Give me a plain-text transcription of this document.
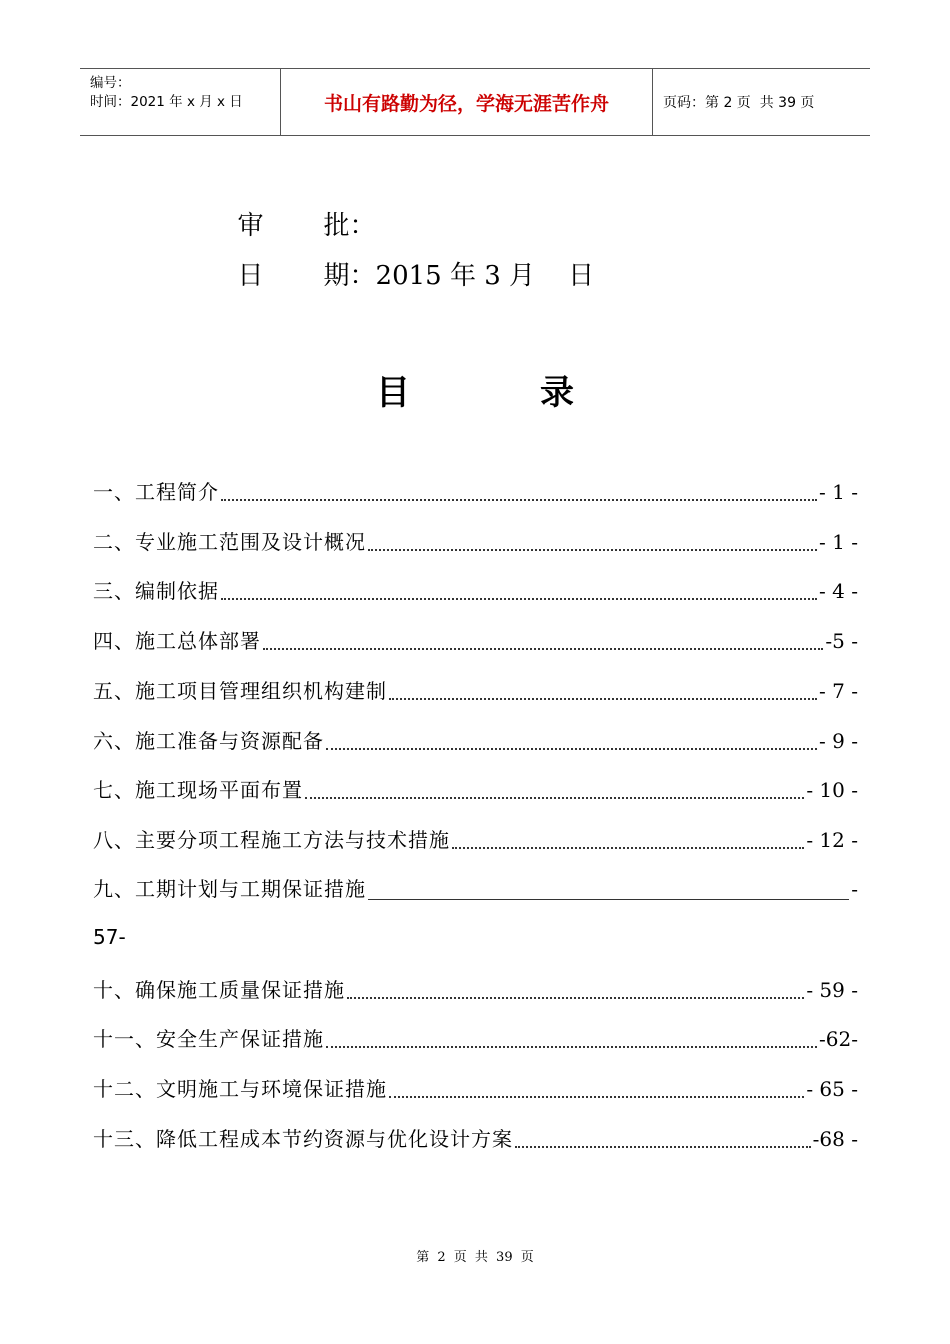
编号：
时间：2021 年 x 月 x 日	书山有路勤为径，学海无涯苦作舟	页码：第 2 页  共 39 页

审 批：

日 期：2015 年 3 月    日

目	录
一、工程简介	- 1 -
二、专业施工范围及设计概况	- 1 -
三、编制依据	- 4 -
四、施工总体部署	-5 -
五、施工项目管理组织机构建制	- 7 -
六、施工准备与资源配备	- 9 -
七、施工现场平面布置	- 10 -
八、主要分项工程施工方法与技术措施	- 12 -
九、工期计划与工期保证措施	-
57-
十、确保施工质量保证措施	- 59 -
十一、安全生产保证措施	-62-
十二、文明施工与环境保证措施	- 65 -
十三、降低工程成本节约资源与优化设计方案	-68 -
第 2 页 共 39 页
